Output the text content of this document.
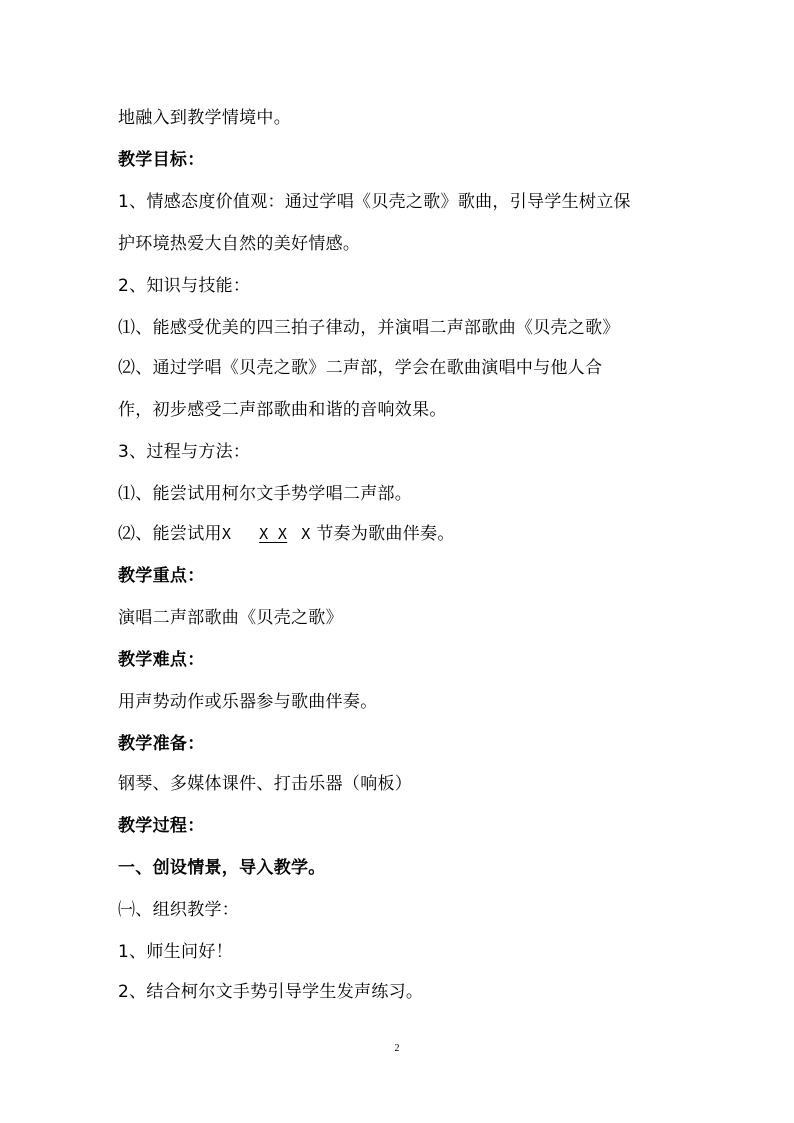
地融入到教学情境中。
教学目标：
1、情感态度价值观：通过学唱《贝壳之歌》歌曲，引导学生树立保
护环境热爱大自然的美好情感。
2、知识与技能：
⑴、能感受优美的四三拍子律动，并演唱二声部歌曲《贝壳之歌》
⑵、通过学唱《贝壳之歌》二声部，学会在歌曲演唱中与他人合
作，初步感受二声部歌曲和谐的音响效果。
3、过程与方法：
⑴、能尝试用柯尔文手势学唱二声部。
⑵、能尝试用X X X X 节奏为歌曲伴奏。
教学重点：
演唱二声部歌曲《贝壳之歌》
教学难点：
用声势动作或乐器参与歌曲伴奏。
教学准备：
钢琴、多媒体课件、打击乐器（响板）
教学过程：
一、创设情景，导入教学。
㈠、组织教学：
1、师生问好！
2、结合柯尔文手势引导学生发声练习。
2
